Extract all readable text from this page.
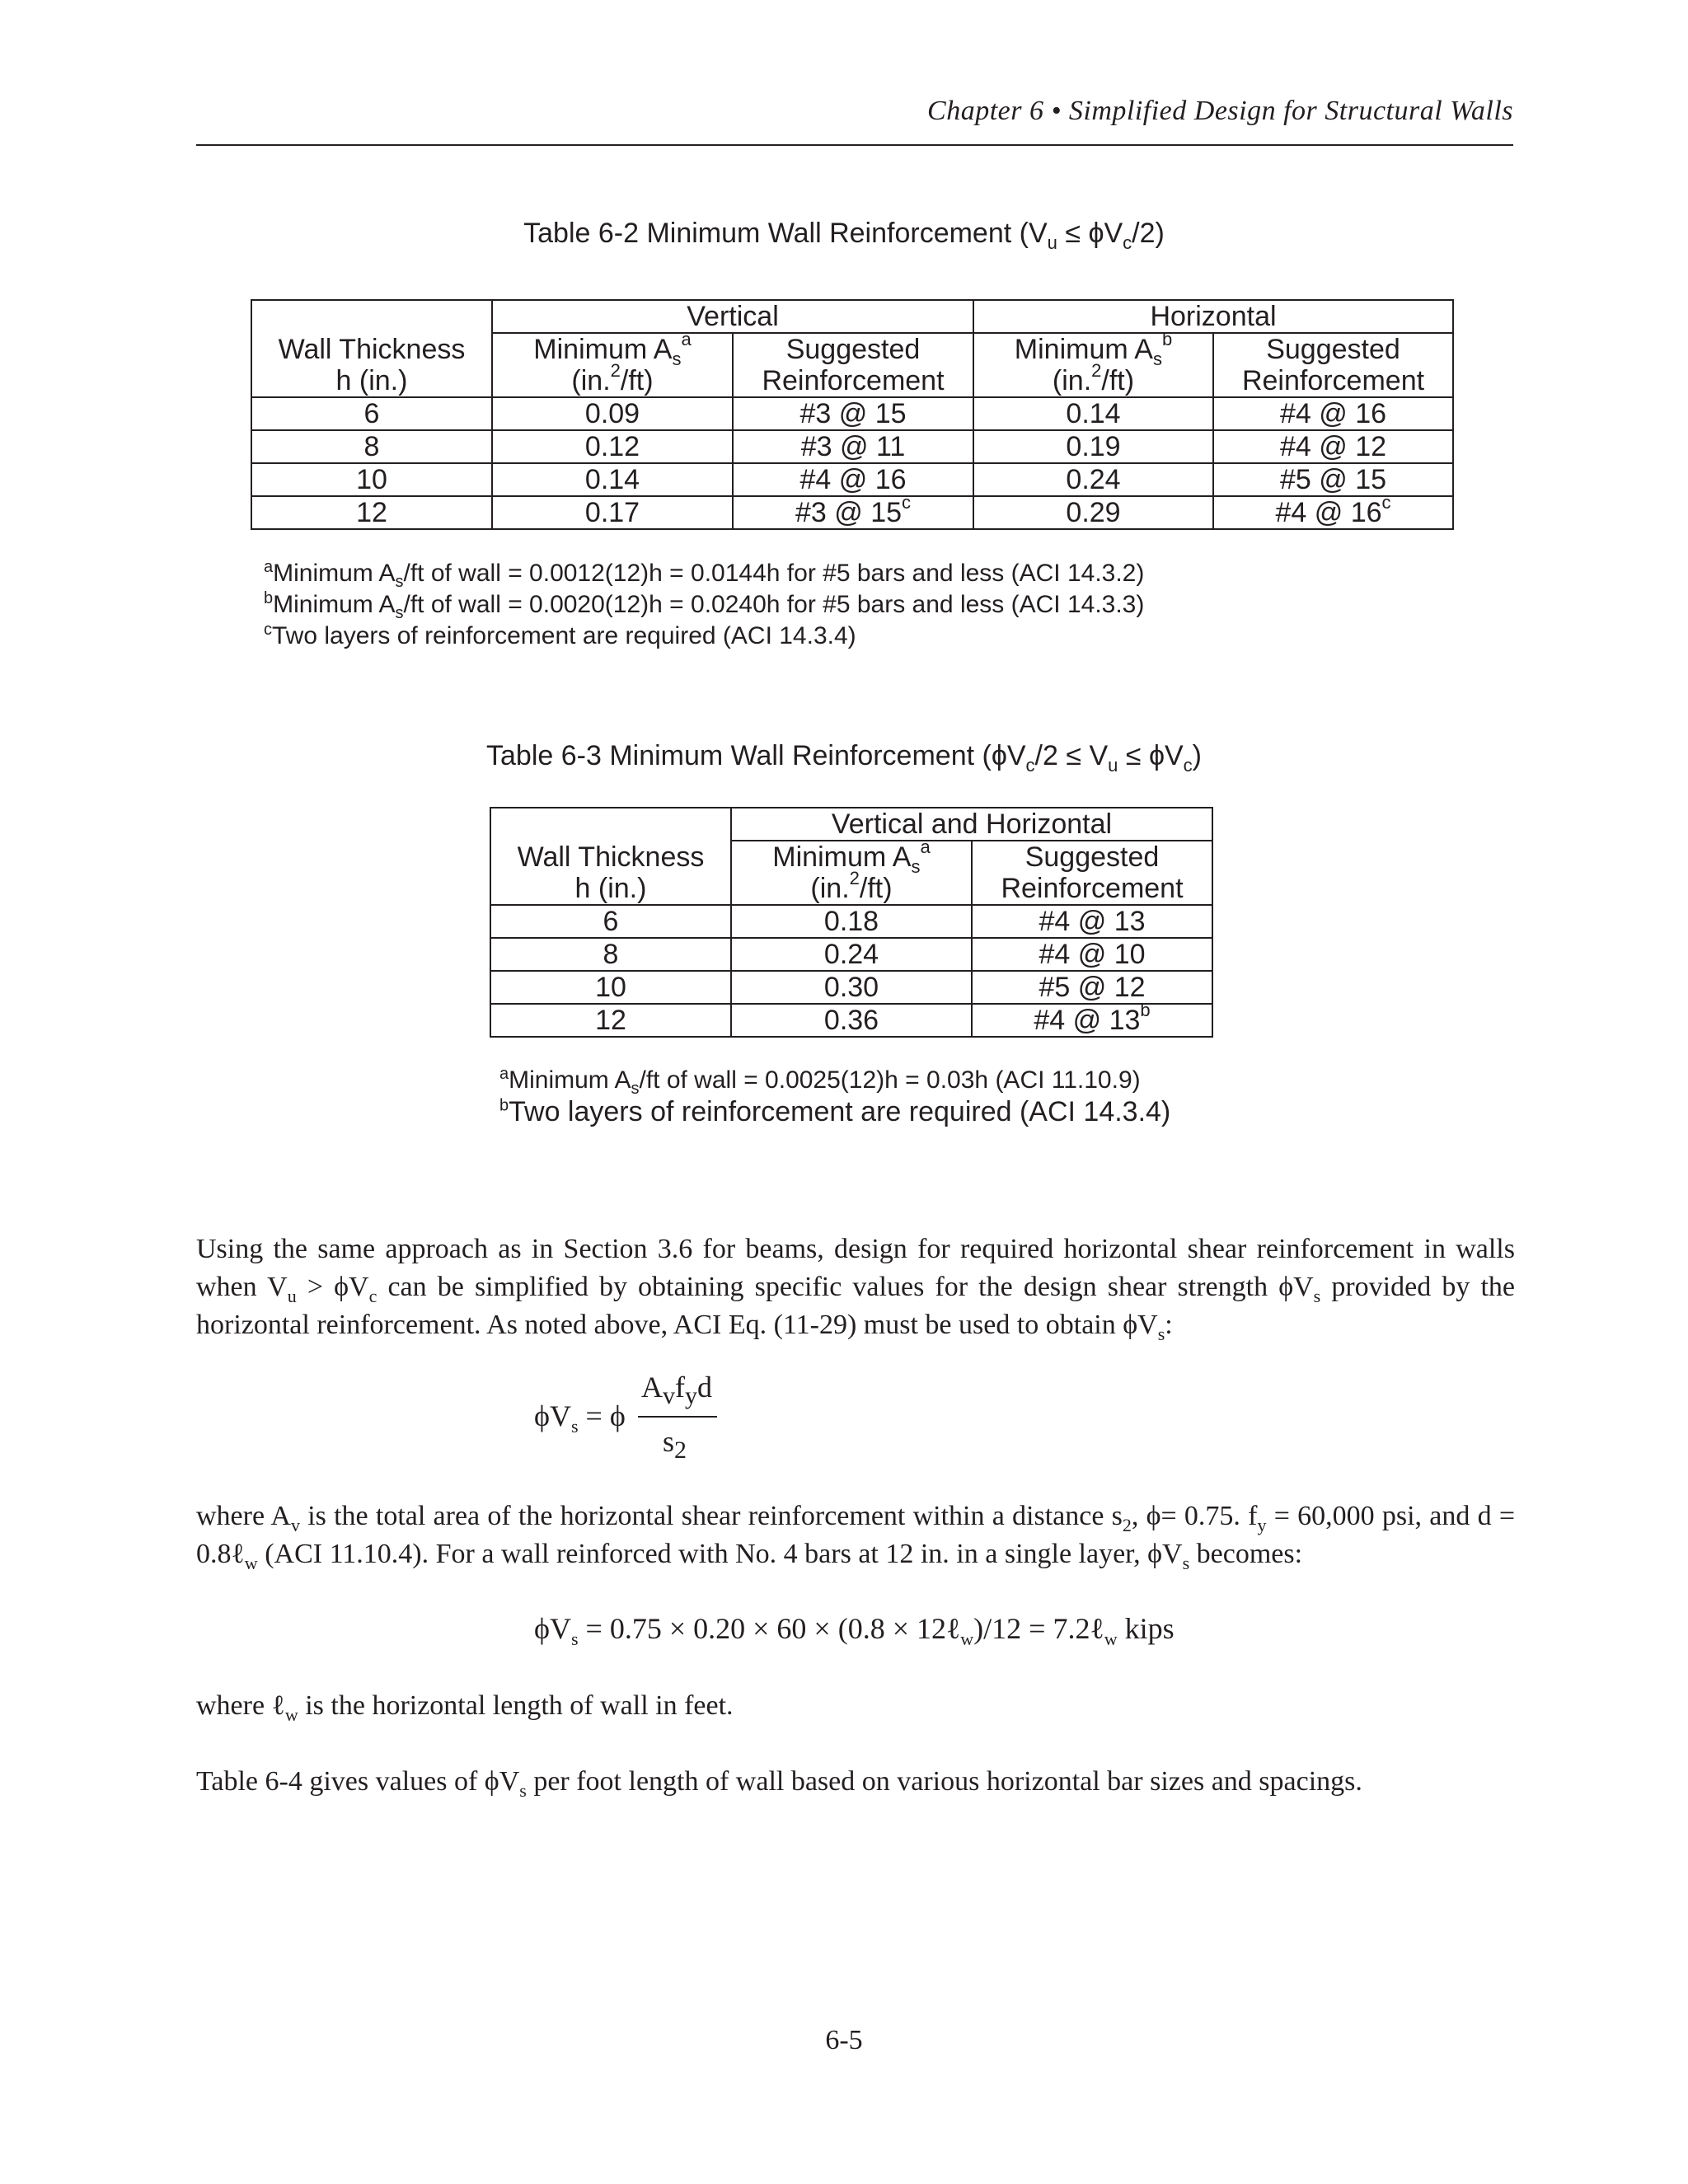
Chapter 6 • Simplified Design for Structural Walls
Table 6-2 Minimum Wall Reinforcement $(V_u \le \phi V_c/2)$
	Vertical		Horizontal	
Wall Thickness	Minimum $A_s^a$	Suggested	Minimum $A_s^b$	Suggested
h (in.)	(in.$^2$/ft)	Reinforcement	(in.$^2$/ft)	Reinforcement
6	0.09	#3 @ 15	0.14	#4 @ 16
8	0.12	#3 @ 11	0.19	#4 @ 12
10	0.14	#4 @ 16	0.24	#5 @ 15
12	0.17	#3 @ 15$^c$	0.29	#4 @ 16$^c$
$^a$Minimum $A_s/ft$ of wall = 0.0012(12)h = 0.0144h for #5 bars and less (ACI 14.3.2)
$^b$Minimum $A_s/ft$ of wall = 0.0020(12)h = 0.0240h for #5 bars and less (ACI 14.3.3)
$^c$Two layers of reinforcement are required (ACI 14.3.4)
Table 6-3 Minimum Wall Reinforcement $(\phi V_c/2 \le V_u \le \phi V_c)$
	Vertical and Horizontal	
Wall Thickness	Minimum $A_s^a$	Suggested
h (in.)	(in.$^2$/ft)	Reinforcement
6	0.18	#4 @ 13
8	0.24	#4 @ 10
10	0.30	#5 @ 12
12	0.36	#4 @ 13$^b$
$^a$Minimum $A_s/ft$ of wall = 0.0025(12)h = 0.03h (ACI 11.10.9)
$^b$Two layers of reinforcement are required (ACI 14.3.4)
Using the same approach as in Section 3.6 for beams, design for required horizontal shear reinforcement in walls when $V_u > \phi V_c$ can be simplified by obtaining specific values for the design shear strength $\phi V_s$ provided by the horizontal reinforcement. As noted above, ACI Eq. (11-29) must be used to obtain $\phi V_s$:
$\phi V_s = \phi$
$A_vf_yd$
$s_2$
where $A_v$ is the total area of the horizontal shear reinforcement within a distance $s_2$, ϕ= 0.75. $f_y = 60,000$ psi, and d = 0.8ℓ$_w$ (ACI 11.10.4). For a wall reinforced with No. 4 bars at 12 in. in a single layer, $\phi V_s$ becomes:
$\phi V_s = 0.75 \times 0.20 \times 60 \times (0.8$ × 12ℓ$_w$)/12 = 7.2ℓ$_w$ kips
where ℓ$_w$ is the horizontal length of wall in feet.
Table 6-4 gives values of $\phi V_s$ per foot length of wall based on various horizontal bar sizes and spacings.
6-5
